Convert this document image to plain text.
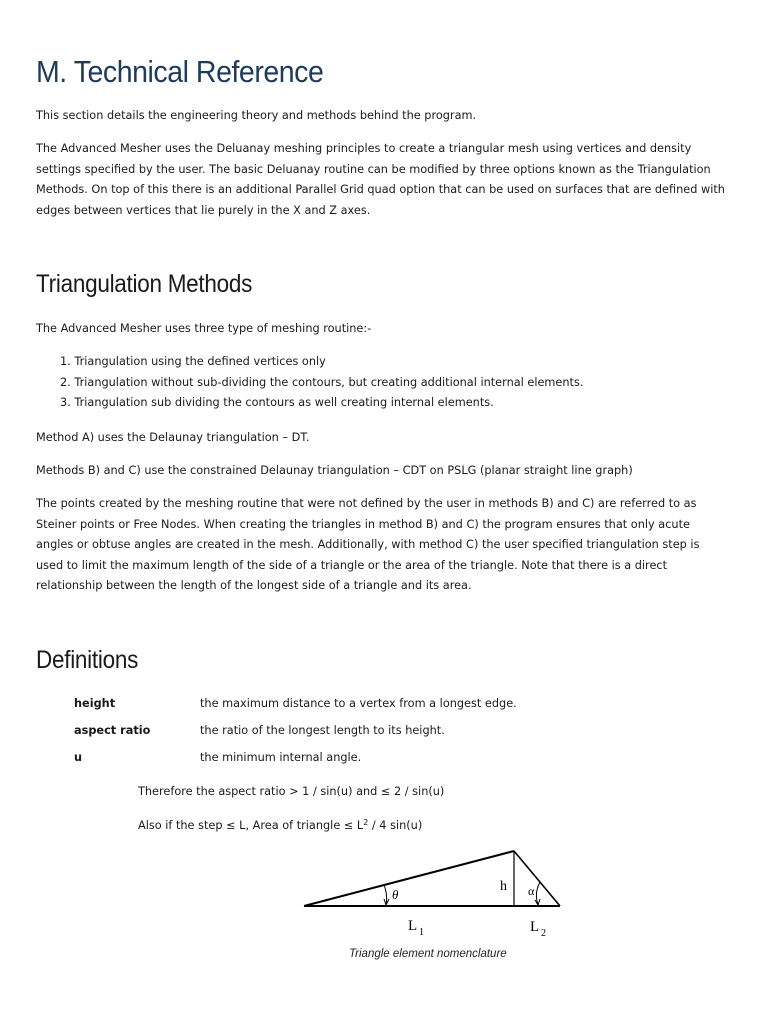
M. Technical Reference

This section details the engineering theory and methods behind the program.

The Advanced Mesher uses the Deluanay meshing principles to create a triangular mesh using vertices and density settings specified by the user. The basic Deluanay routine can be modified by three options known as the Triangulation Methods. On top of this there is an additional Parallel Grid quad option that can be used on surfaces that are defined with edges between vertices that lie purely in the X and Z axes.

Triangulation Methods

The Advanced Mesher uses three type of meshing routine:-

1. Triangulation using the defined vertices only
2. Triangulation without sub-dividing the contours, but creating additional internal elements.
3. Triangulation sub dividing the contours as well creating internal elements.

Method A) uses the Delaunay triangulation – DT.

Methods B) and C) use the constrained Delaunay triangulation – CDT on PSLG (planar straight line graph)

The points created by the meshing routine that were not defined by the user in methods B) and C) are referred to as Steiner points or Free Nodes. When creating the triangles in method B) and C) the program ensures that only acute angles or obtuse angles are created in the mesh. Additionally, with method C) the user specified triangulation step is used to limit the maximum length of the side of a triangle or the area of the triangle. Note that there is a direct relationship between the length of the longest side of a triangle and its area.

Definitions
height	the maximum distance to a vertex from a longest edge.
aspect ratio	the ratio of the longest length to its height.
u	the minimum internal angle.
Therefore the aspect ratio > 1 / sin(u) and ≤ 2 / sin(u)
Also if the step ≤ L, Area of triangle ≤ $L^2 / 4$ sin(u)
θ
h α
L 1	L 2
Triangle element nomenclature
